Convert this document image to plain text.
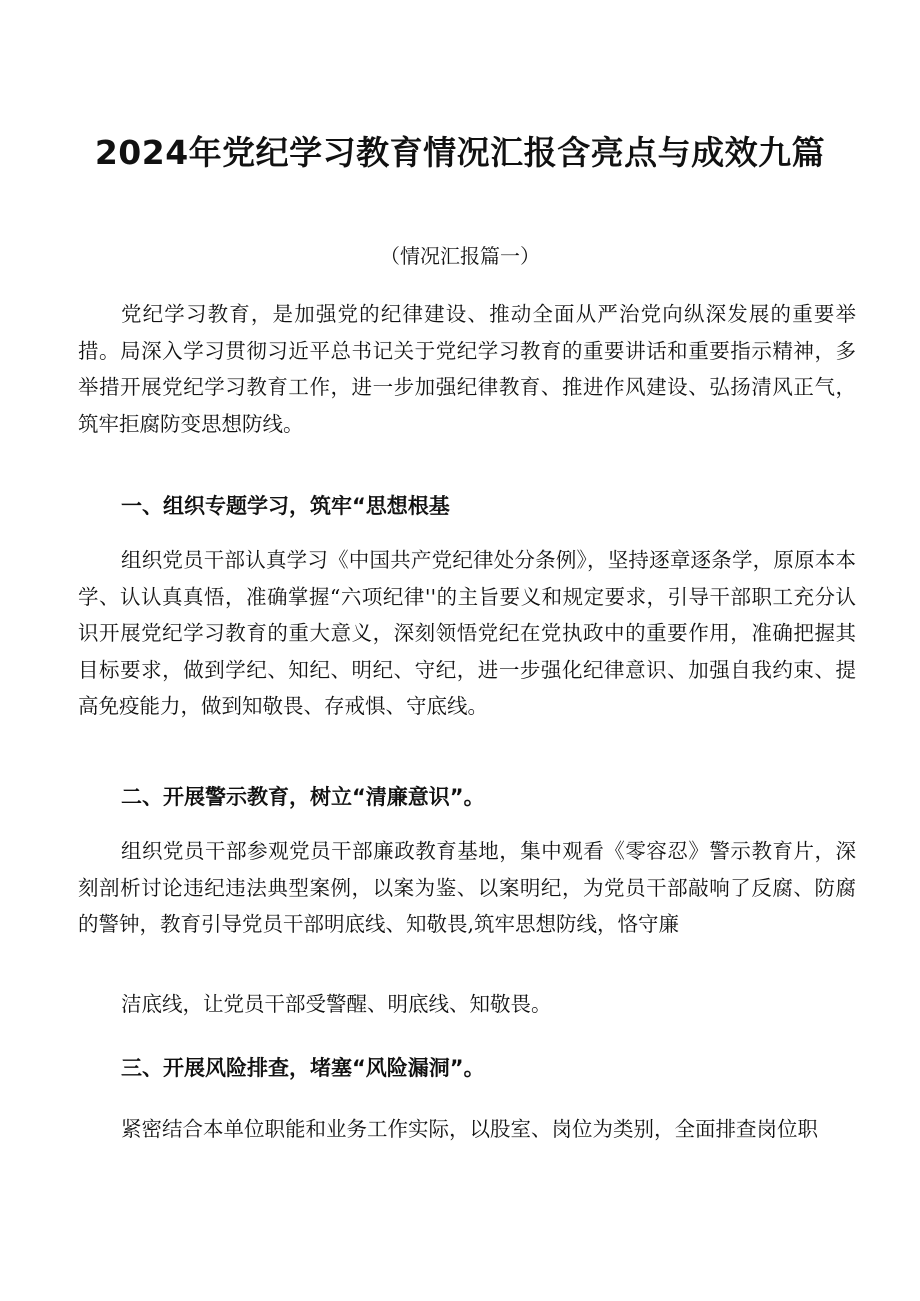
2024年党纪学习教育情况汇报含亮点与成效九篇

（情况汇报篇一）

党纪学习教育，是加强党的纪律建设、推动全面从严治党向纵深发展的重要举措。局深入学习贯彻习近平总书记关于党纪学习教育的重要讲话和重要指示精神，多举措开展党纪学习教育工作，进一步加强纪律教育、推进作风建设、弘扬清风正气，筑牢拒腐防变思想防线。

一、组织专题学习，筑牢“思想根基

组织党员干部认真学习《中国共产党纪律处分条例》，坚持逐章逐条学，原原本本学、认认真真悟，准确掌握“六项纪律''的主旨要义和规定要求，引导干部职工充分认识开展党纪学习教育的重大意义，深刻领悟党纪在党执政中的重要作用，准确把握其目标要求，做到学纪、知纪、明纪、守纪，进一步强化纪律意识、加强自我约束、提高免疫能力，做到知敬畏、存戒惧、守底线。

二、开展警示教育，树立“清廉意识”。

组织党员干部参观党员干部廉政教育基地，集中观看《零容忍》警示教育片，深刻剖析讨论违纪违法典型案例，以案为鉴、以案明纪，为党员干部敲响了反腐、防腐的警钟，教育引导党员干部明底线、知敬畏,筑牢思想防线，恪守廉

洁底线，让党员干部受警醒、明底线、知敬畏。

三、开展风险排查，堵塞“风险漏洞”。

紧密结合本单位职能和业务工作实际，以股室、岗位为类别，全面排查岗位职
